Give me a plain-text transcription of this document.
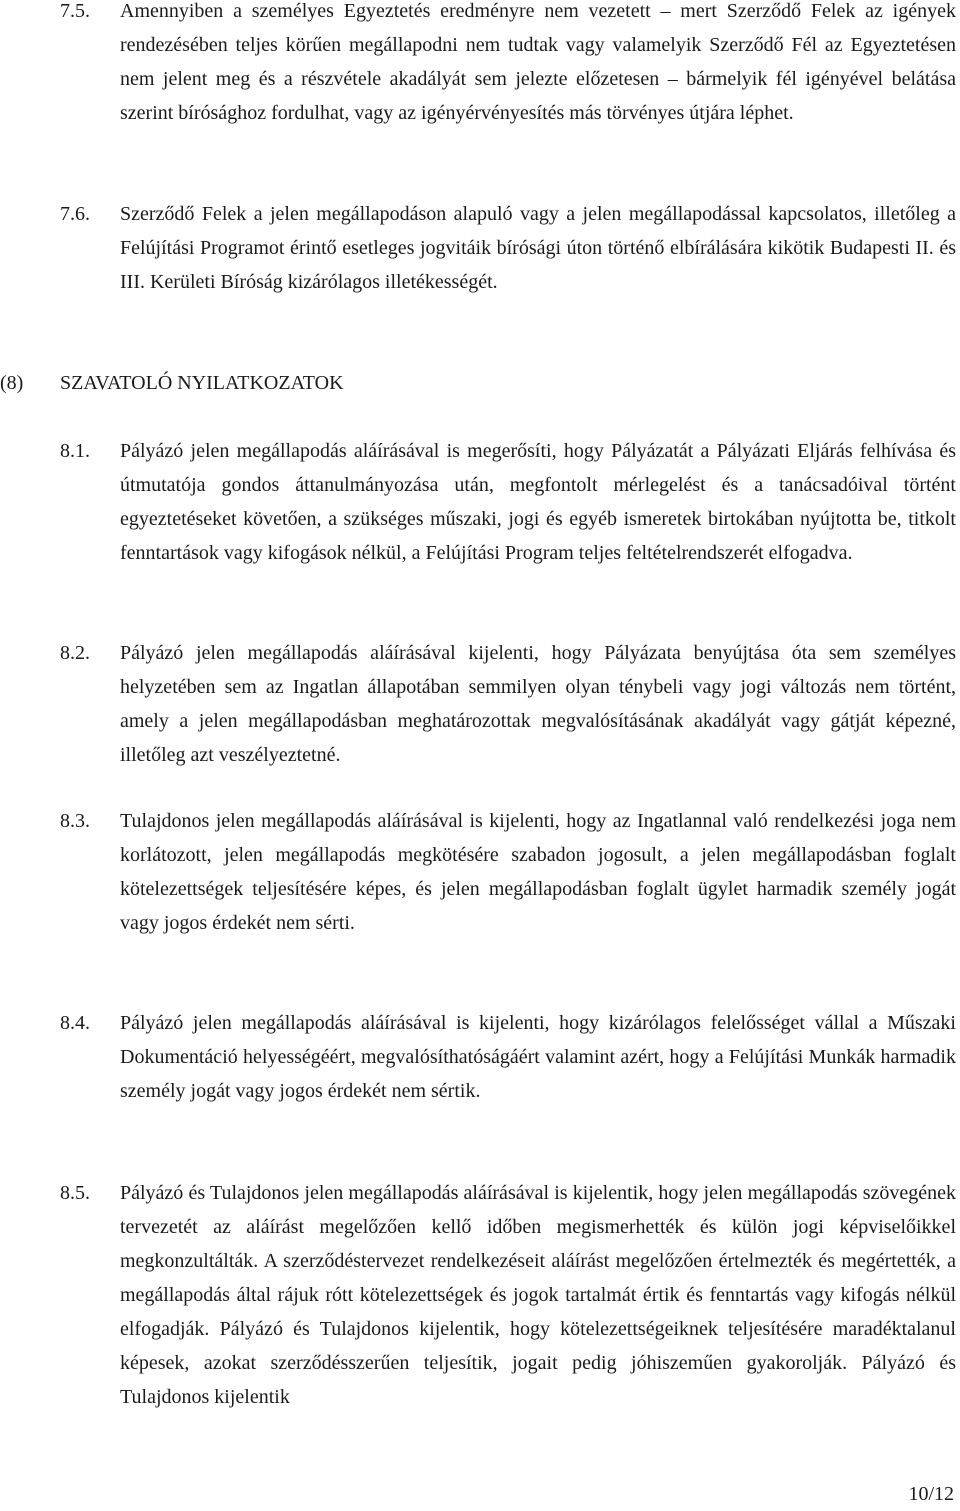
7.5. Amennyiben a személyes Egyeztetés eredményre nem vezetett – mert Szerződő Felek az igények rendezésében teljes körűen megállapodni nem tudtak vagy valamelyik Szerződő Fél az Egyeztetésen nem jelent meg és a részvétele akadályát sem jelezte előzetesen – bármelyik fél igényével belátása szerint bírósághoz fordulhat, vagy az igényérvényesítés más törvényes útjára léphet.
7.6. Szerződő Felek a jelen megállapodáson alapuló vagy a jelen megállapodással kapcsolatos, illetőleg a Felújítási Programot érintő esetleges jogvitáik bírósági úton történő elbírálására kikötik Budapesti II. és III. Kerületi Bíróság kizárólagos illetékességét.
(8) SZAVATOLÓ NYILATKOZATOK
8.1. Pályázó jelen megállapodás aláírásával is megerősíti, hogy Pályázatát a Pályázati Eljárás felhívása és útmutatója gondos áttanulmányozása után, megfontolt mérlegelést és a tanácsadóival történt egyeztetéseket követően, a szükséges műszaki, jogi és egyéb ismeretek birtokában nyújtotta be, titkolt fenntartások vagy kifogások nélkül, a Felújítási Program teljes feltételrendszerét elfogadva.
8.2. Pályázó jelen megállapodás aláírásával kijelenti, hogy Pályázata benyújtása óta sem személyes helyzetében sem az Ingatlan állapotában semmilyen olyan ténybeli vagy jogi változás nem történt, amely a jelen megállapodásban meghatározottak megvalósításának akadályát vagy gátját képezné, illetőleg azt veszélyeztetné.
8.3. Tulajdonos jelen megállapodás aláírásával is kijelenti, hogy az Ingatlannal való rendelkezési joga nem korlátozott, jelen megállapodás megkötésére szabadon jogosult, a jelen megállapodásban foglalt kötelezettségek teljesítésére képes, és jelen megállapodásban foglalt ügylet harmadik személy jogát vagy jogos érdekét nem sérti.
8.4. Pályázó jelen megállapodás aláírásával is kijelenti, hogy kizárólagos felelősséget vállal a Műszaki Dokumentáció helyességéért, megvalósíthatóságáért valamint azért, hogy a Felújítási Munkák harmadik személy jogát vagy jogos érdekét nem sértik.
8.5. Pályázó és Tulajdonos jelen megállapodás aláírásával is kijelentik, hogy jelen megállapodás szövegének tervezetét az aláírást megelőzően kellő időben megismerhették és külön jogi képviselőikkel megkonzultálták. A szerződéstervezet rendelkezéseit aláírást megelőzően értelmezték és megértették, a megállapodás által rájuk rótt kötelezettségek és jogok tartalmát értik és fenntartás vagy kifogás nélkül elfogadják. Pályázó és Tulajdonos kijelentik, hogy kötelezettségeiknek teljesítésére maradéktalanul képesek, azokat szerződésszerűen teljesítik, jogait pedig jóhiszeműen gyakorolják. Pályázó és Tulajdonos kijelentik
10/12
